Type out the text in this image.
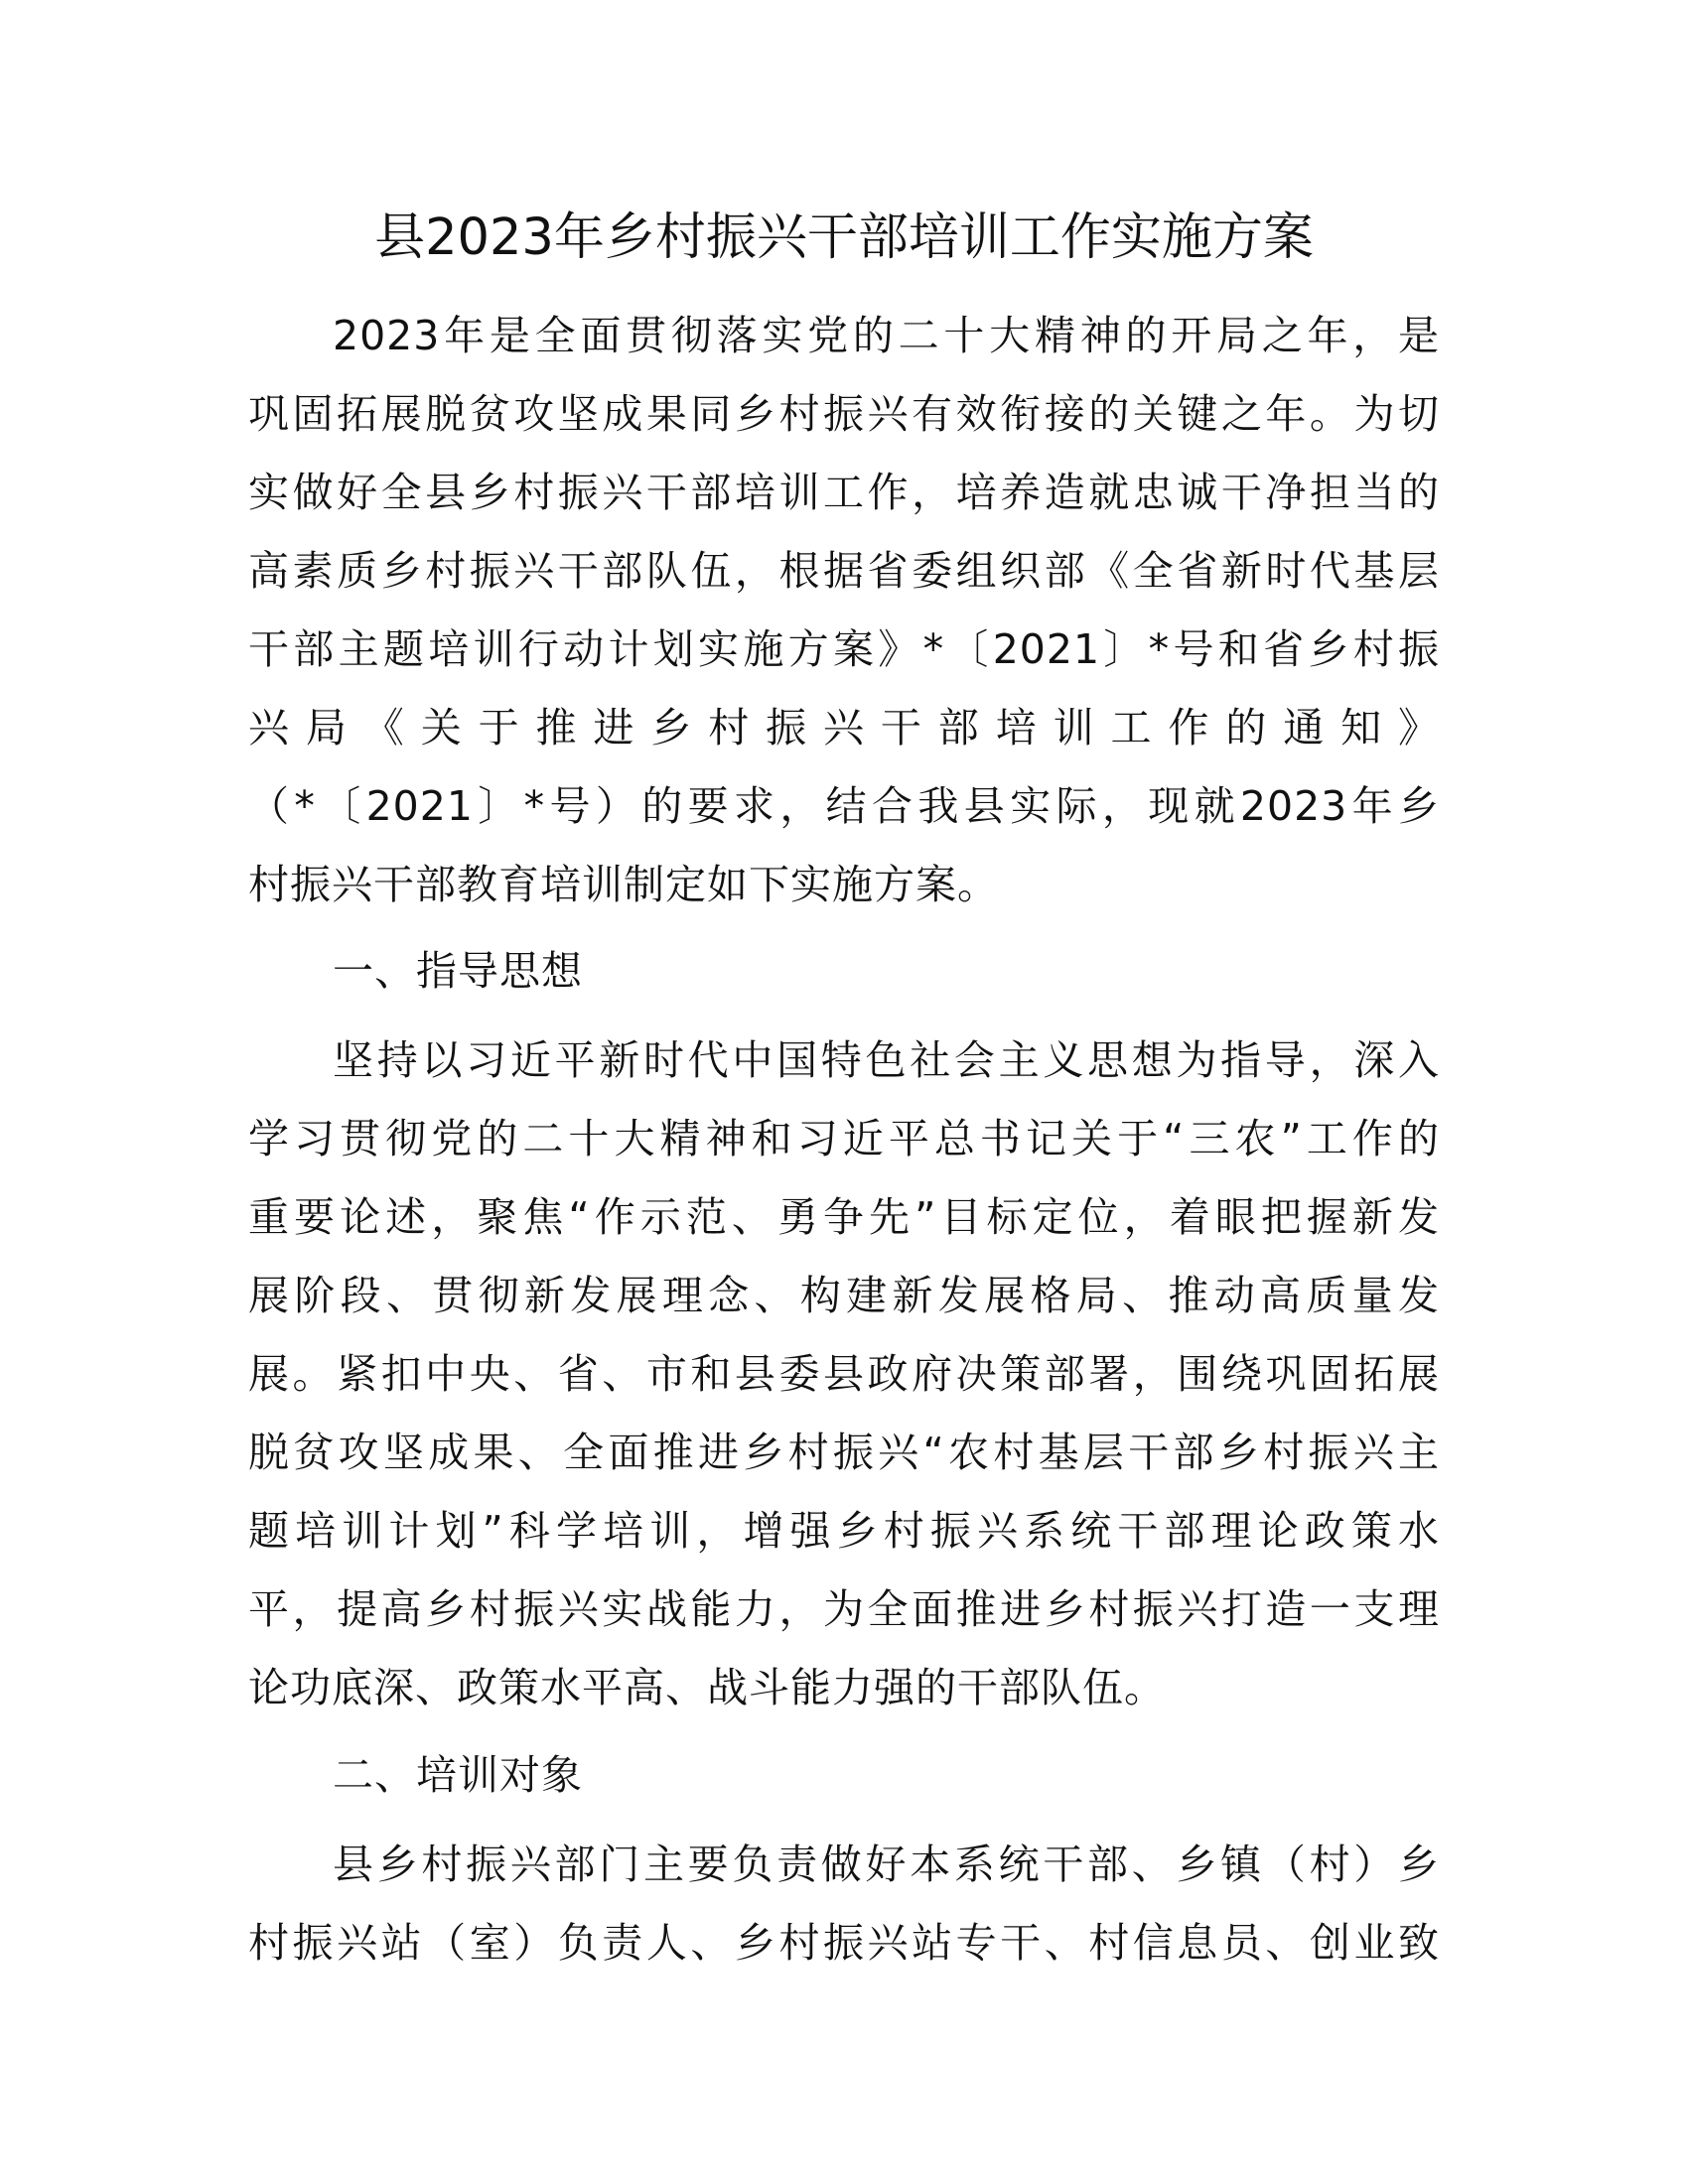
县2023年乡村振兴干部培训工作实施方案
2023年是全面贯彻落实党的二十大精神的开局之年，是
巩固拓展脱贫攻坚成果同乡村振兴有效衔接的关键之年。为切
实做好全县乡村振兴干部培训工作，培养造就忠诚干净担当的
高素质乡村振兴干部队伍，根据省委组织部《全省新时代基层
干部主题培训行动计划实施方案》*〔2021〕*号和省乡村振
兴局《关于推进乡村振兴干部培训工作的通知》
（*〔2021〕*号）的要求，结合我县实际，现就2023年乡
村振兴干部教育培训制定如下实施方案。
一、指导思想
坚持以习近平新时代中国特色社会主义思想为指导，深入
学习贯彻党的二十大精神和习近平总书记关于“三农”工作的
重要论述，聚焦“作示范、勇争先”目标定位，着眼把握新发
展阶段、贯彻新发展理念、构建新发展格局、推动高质量发
展。紧扣中央、省、市和县委县政府决策部署，围绕巩固拓展
脱贫攻坚成果、全面推进乡村振兴“农村基层干部乡村振兴主
题培训计划”科学培训，增强乡村振兴系统干部理论政策水
平，提高乡村振兴实战能力，为全面推进乡村振兴打造一支理
论功底深、政策水平高、战斗能力强的干部队伍。
二、培训对象
县乡村振兴部门主要负责做好本系统干部、乡镇（村）乡
村振兴站（室）负责人、乡村振兴站专干、村信息员、创业致
